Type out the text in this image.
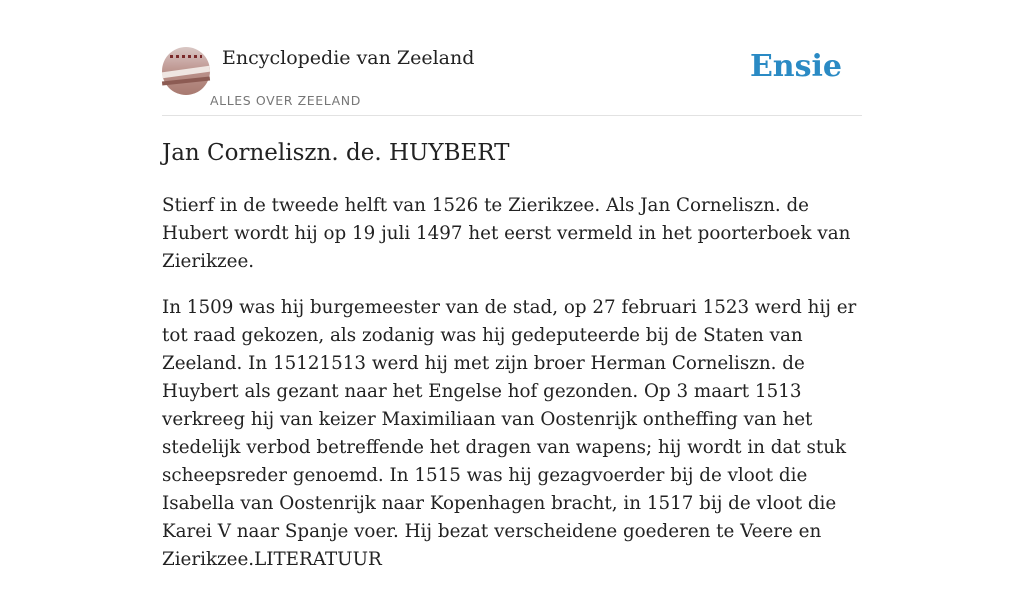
Encyclopedie van Zeeland
ALLES OVER ZEELAND
Ensie
Jan Corneliszn. de. HUYBERT

Stierf in de tweede helft van 1526 te Zierikzee. Als Jan Corneliszn. de Hubert wordt hij op 19 juli 1497 het eerst vermeld in het poorterboek van Zierikzee.

In 1509 was hij burgemeester van de stad, op 27 februari 1523 werd hij er tot raad gekozen, als zodanig was hij gedeputeerde bij de Staten van Zeeland. In 15121513 werd hij met zijn broer Herman Corneliszn. de Huybert als gezant naar het Engelse hof gezonden. Op 3 maart 1513 verkreeg hij van keizer Maximiliaan van Oostenrijk ontheffing van het stedelijk verbod betreffende het dragen van wapens; hij wordt in dat stuk scheepsreder genoemd. In 1515 was hij gezagvoerder bij de vloot die Isabella van Oostenrijk naar Kopenhagen bracht, in 1517 bij de vloot die Karei V naar Spanje voer. Hij bezat verscheidene goederen te Veere en Zierikzee.LITERATUUR
